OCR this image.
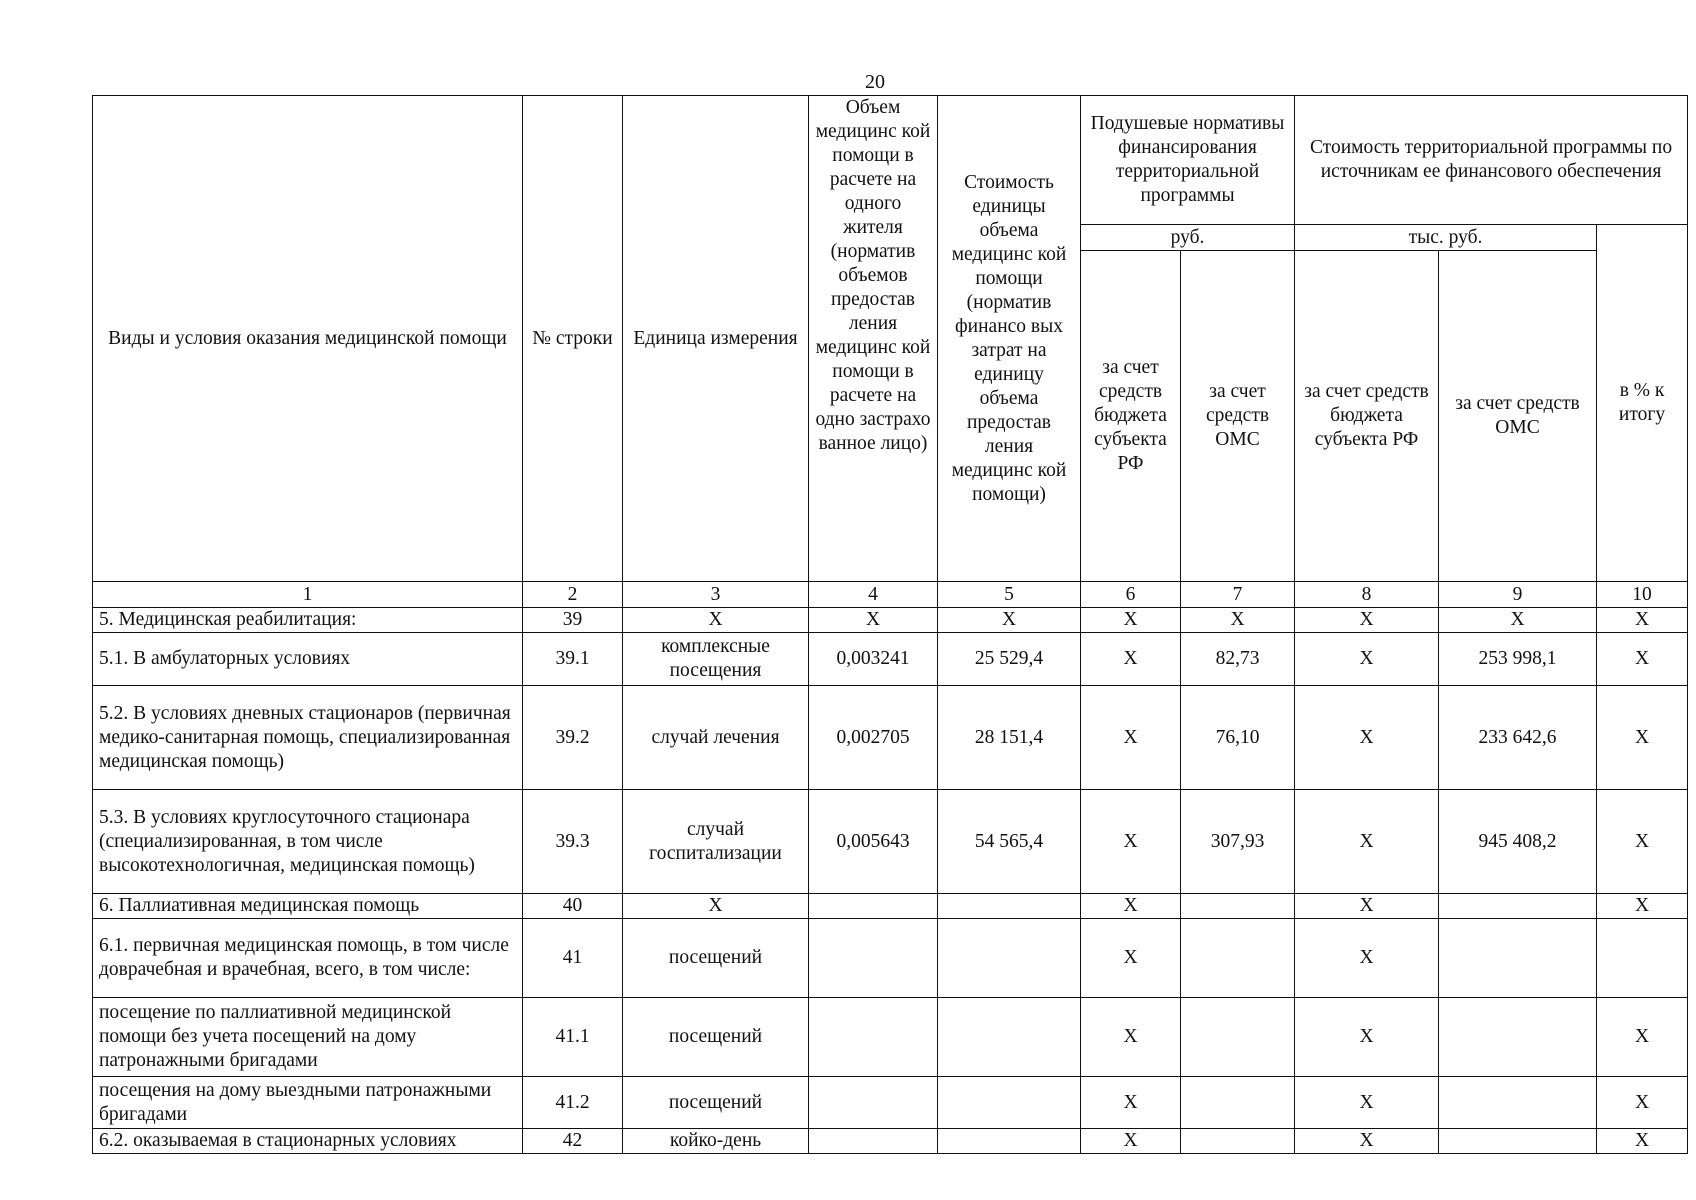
20
Виды и условия оказания медицинской помощи	№ строки	Единица измерения	Объем медицинс кой помощи в расчете на одного жителя (норматив объемов предостав ления медицинс кой помощи в расчете на одно застрахо ванное лицо)	Стоимость единицы объема медицинс кой помощи (норматив финансо вых затрат на единицу объема предостав ления медицинс кой помощи)	Подушевые нормативы финансирования территориальной программы		Стоимость территориальной программы по источникам ее финансового обеспечения		
					руб.		тыс. руб.		в % к итогу
					за счет средств бюджета субъекта РФ	за счет средств ОМС	за счет средств бюджета субъекта РФ	за счет средств ОМС	
1	2	3	4	5	6	7	8	9	10
5. Медицинская реабилитация:	39	Х	Х	Х	Х	Х	Х	Х	Х
5.1. В амбулаторных условиях	39.1	комплексные посещения	0,003241	25 529,4	Х	82,73	Х	253 998,1	Х
5.2. В условиях дневных стационаров (первичная медико-санитарная помощь, специализированная медицинская помощь)	39.2	случай лечения	0,002705	28 151,4	Х	76,10	Х	233 642,6	Х
5.3. В условиях круглосуточного стационара (специализированная, в том числе высокотехнологичная, медицинская помощь)	39.3	случай госпитализации	0,005643	54 565,4	Х	307,93	Х	945 408,2	Х
6. Паллиативная медицинская помощь	40	Х			Х		Х		Х
6.1. первичная медицинская помощь, в том числе доврачебная и врачебная, всего, в том числе:	41	посещений			Х		Х		
посещение по паллиативной медицинской помощи без учета посещений на дому патронажными бригадами	41.1	посещений			Х		Х		Х
посещения на дому выездными патронажными бригадами	41.2	посещений			Х		Х		Х
6.2. оказываемая в стационарных условиях	42	койко-день			Х		Х		Х
